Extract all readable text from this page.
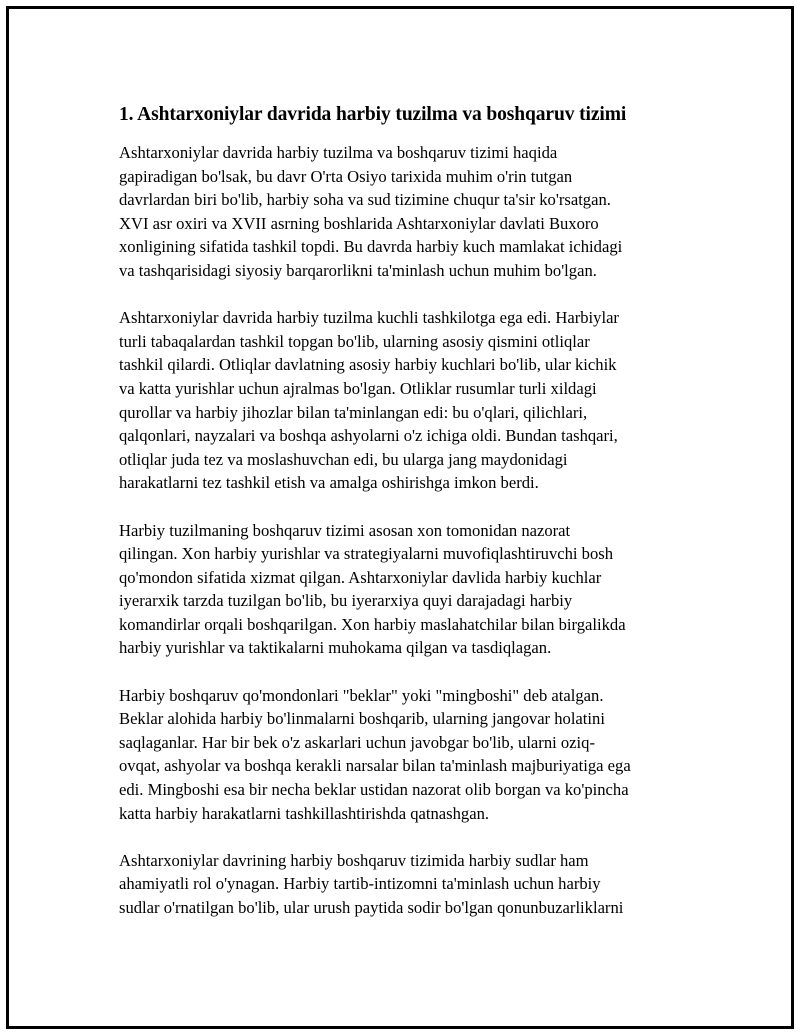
1. Ashtarxoniylar davrida harbiy tuzilma va boshqaruv tizimi

Ashtarxoniylar davrida harbiy tuzilma va boshqaruv tizimi haqida
gapiradigan bo'lsak, bu davr O'rta Osiyo tarixida muhim o'rin tutgan
davrlardan biri bo'lib, harbiy soha va sud tizimine chuqur ta'sir ko'rsatgan.
XVI asr oxiri va XVII asrning boshlarida Ashtarxoniylar davlati Buxoro
xonligining sifatida tashkil topdi. Bu davrda harbiy kuch mamlakat ichidagi
va tashqarisidagi siyosiy barqarorlikni ta'minlash uchun muhim bo'lgan.

Ashtarxoniylar davrida harbiy tuzilma kuchli tashkilotga ega edi. Harbiylar
turli tabaqalardan tashkil topgan bo'lib, ularning asosiy qismini otliqlar
tashkil qilardi. Otliqlar davlatning asosiy harbiy kuchlari bo'lib, ular kichik
va katta yurishlar uchun ajralmas bo'lgan. Otliklar rusumlar turli xildagi
qurollar va harbiy jihozlar bilan ta'minlangan edi: bu o'qlari, qilichlari,
qalqonlari, nayzalari va boshqa ashyolarni o'z ichiga oldi. Bundan tashqari,
otliqlar juda tez va moslashuvchan edi, bu ularga jang maydonidagi
harakatlarni tez tashkil etish va amalga oshirishga imkon berdi.

Harbiy tuzilmaning boshqaruv tizimi asosan xon tomonidan nazorat
qilingan. Xon harbiy yurishlar va strategiyalarni muvofiqlashtiruvchi bosh
qo'mondon sifatida xizmat qilgan. Ashtarxoniylar davlida harbiy kuchlar
iyerarxik tarzda tuzilgan bo'lib, bu iyerarxiya quyi darajadagi harbiy
komandirlar orqali boshqarilgan. Xon harbiy maslahatchilar bilan birgalikda
harbiy yurishlar va taktikalarni muhokama qilgan va tasdiqlagan.

Harbiy boshqaruv qo'mondonlari "beklar" yoki "mingboshi" deb atalgan.
Beklar alohida harbiy bo'linmalarni boshqarib, ularning jangovar holatini
saqlaganlar. Har bir bek o'z askarlari uchun javobgar bo'lib, ularni oziq-
ovqat, ashyolar va boshqa kerakli narsalar bilan ta'minlash majburiyatiga ega
edi. Mingboshi esa bir necha beklar ustidan nazorat olib borgan va ko'pincha
katta harbiy harakatlarni tashkillashtirishda qatnashgan.

Ashtarxoniylar davrining harbiy boshqaruv tizimida harbiy sudlar ham
ahamiyatli rol o'ynagan. Harbiy tartib-intizomni ta'minlash uchun harbiy
sudlar o'rnatilgan bo'lib, ular urush paytida sodir bo'lgan qonunbuzarliklarni
